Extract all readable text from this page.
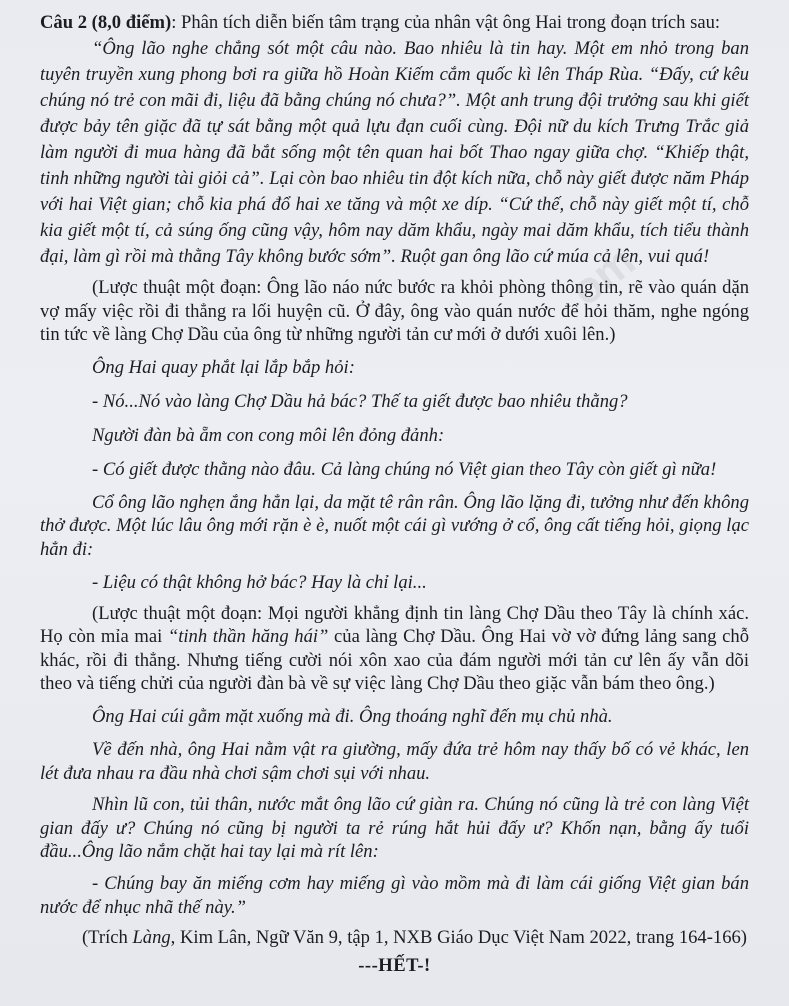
Câu 2 (8,0 điểm): Phân tích diễn biến tâm trạng của nhân vật ông Hai trong đoạn trích sau:

“Ông lão nghe chẳng sót một câu nào. Bao nhiêu là tin hay. Một em nhỏ trong ban tuyên truyền xung phong bơi ra giữa hồ Hoàn Kiếm cắm quốc kì lên Tháp Rùa. “Đấy, cứ kêu chúng nó trẻ con mãi đi, liệu đã bằng chúng nó chưa?”. Một anh trung đội trưởng sau khi giết được bảy tên giặc đã tự sát bằng một quả lựu đạn cuối cùng. Đội nữ du kích Trưng Trắc giả làm người đi mua hàng đã bắt sống một tên quan hai bốt Thao ngay giữa chợ. “Khiếp thật, tinh những người tài giỏi cả”. Lại còn bao nhiêu tin đột kích nữa, chỗ này giết được năm Pháp với hai Việt gian; chỗ kia phá đổ hai xe tăng và một xe díp. “Cứ thế, chỗ này giết một tí, chỗ kia giết một tí, cả súng ống cũng vậy, hôm nay dăm khẩu, ngày mai dăm khẩu, tích tiểu thành đại, làm gì rồi mà thằng Tây không bước sớm”. Ruột gan ông lão cứ múa cả lên, vui quá!

(Lược thuật một đoạn: Ông lão náo nức bước ra khỏi phòng thông tin, rẽ vào quán dặn vợ mấy việc rồi đi thẳng ra lối huyện cũ. Ở đây, ông vào quán nước để hỏi thăm, nghe ngóng tin tức về làng Chợ Dầu của ông từ những người tản cư mới ở dưới xuôi lên.)

Ông Hai quay phắt lại lắp bắp hỏi:

- Nó...Nó vào làng Chợ Dầu hả bác? Thế ta giết được bao nhiêu thằng?

Người đàn bà ẵm con cong môi lên đỏng đảnh:

- Có giết được thằng nào đâu. Cả làng chúng nó Việt gian theo Tây còn giết gì nữa!

Cổ ông lão nghẹn ắng hẳn lại, da mặt tê rân rân. Ông lão lặng đi, tưởng như đến không thở được. Một lúc lâu ông mới rặn è è, nuốt một cái gì vướng ở cổ, ông cất tiếng hỏi, giọng lạc hẳn đi:

- Liệu có thật không hở bác? Hay là chỉ lại...

(Lược thuật một đoạn: Mọi người khẳng định tin làng Chợ Dầu theo Tây là chính xác. Họ còn mỉa mai “tinh thần hăng hái” của làng Chợ Dầu. Ông Hai vờ vờ đứng lảng sang chỗ khác, rồi đi thẳng. Nhưng tiếng cười nói xôn xao của đám người mới tản cư lên ấy vẫn dõi theo và tiếng chửi của người đàn bà về sự việc làng Chợ Dầu theo giặc vẫn bám theo ông.)

Ông Hai cúi gằm mặt xuống mà đi. Ông thoáng nghĩ đến mụ chủ nhà.

Về đến nhà, ông Hai nằm vật ra giường, mấy đứa trẻ hôm nay thấy bố có vẻ khác, len lét đưa nhau ra đầu nhà chơi sậm chơi sụi với nhau.

Nhìn lũ con, tủi thân, nước mắt ông lão cứ giàn ra. Chúng nó cũng là trẻ con làng Việt gian đấy ư? Chúng nó cũng bị người ta rẻ rúng hắt hủi đấy ư? Khốn nạn, bằng ấy tuổi đầu...Ông lão nắm chặt hai tay lại mà rít lên:

- Chúng bay ăn miếng cơm hay miếng gì vào mồm mà đi làm cái giống Việt gian bán nước để nhục nhã thế này.”

(Trích Làng, Kim Lân, Ngữ Văn 9, tập 1, NXB Giáo Dục Việt Nam 2022, trang 164-166)
---HẾT-!
om
